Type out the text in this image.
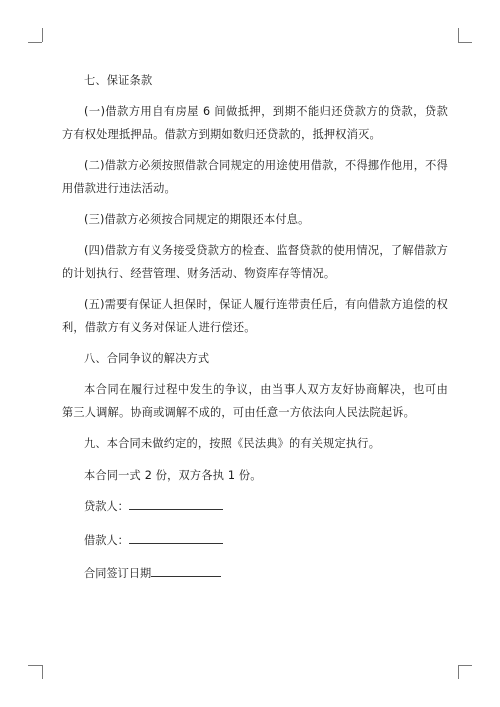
七、保证条款

(一)借款方用自有房屋 6 间做抵押，到期不能归还贷款方的贷款，贷款方有权处理抵押品。借款方到期如数归还贷款的，抵押权消灭。

(二)借款方必须按照借款合同规定的用途使用借款，不得挪作他用，不得用借款进行违法活动。

(三)借款方必须按合同规定的期限还本付息。

(四)借款方有义务接受贷款方的检查、监督贷款的使用情况，了解借款方的计划执行、经营管理、财务活动、物资库存等情况。

(五)需要有保证人担保时，保证人履行连带责任后，有向借款方追偿的权利，借款方有义务对保证人进行偿还。

八、合同争议的解决方式

本合同在履行过程中发生的争议，由当事人双方友好协商解决，也可由第三人调解。协商或调解不成的，可由任意一方依法向人民法院起诉。

九、本合同未做约定的，按照《民法典》的有关规定执行。

本合同一式 2 份，双方各执 1 份。

贷款人：
借款人：
合同签订日期
